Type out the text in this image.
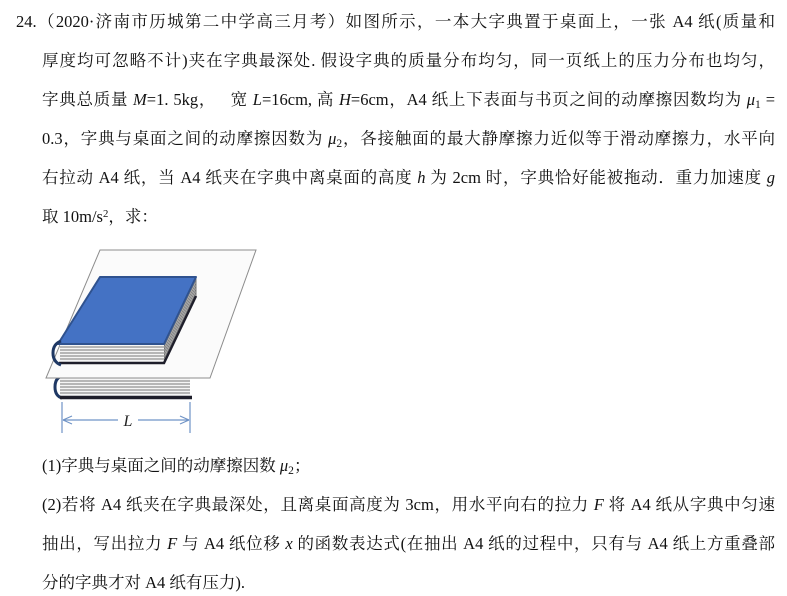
24.（2020·济南市历城第二中学高三月考）如图所示，一本大字典置于桌面上，一张 A4 纸(质量和
厚度均可忽略不计)夹在字典最深处. 假设字典的质量分布均匀，同一页纸上的压力分布也均匀，
字典总质量 M=1. 5kg，   宽 L=16cm, 高 H=6cm，A4 纸上下表面与书页之间的动摩擦因数均为 $\mu_1$ =
0.3，字典与桌面之间的动摩擦因数为 $\mu_2$，各接触面的最大静摩擦力近似等于滑动摩擦力，水平向
右拉动 A4 纸，当 A4 纸夹在字典中离桌面的高度 h 为 2cm 时，字典恰好能被拖动．重力加速度 g
取 $10m/s^2$，求：
L
(1)字典与桌面之间的动摩擦因数 $\mu_2$；
(2)若将 A4 纸夹在字典最深处，且离桌面高度为 3cm，用水平向右的拉力 F 将 A4 纸从字典中匀速
抽出，写出拉力 F 与 A4 纸位移 x 的函数表达式(在抽出 A4 纸的过程中，只有与 A4 纸上方重叠部
分的字典才对 A4 纸有压力).
